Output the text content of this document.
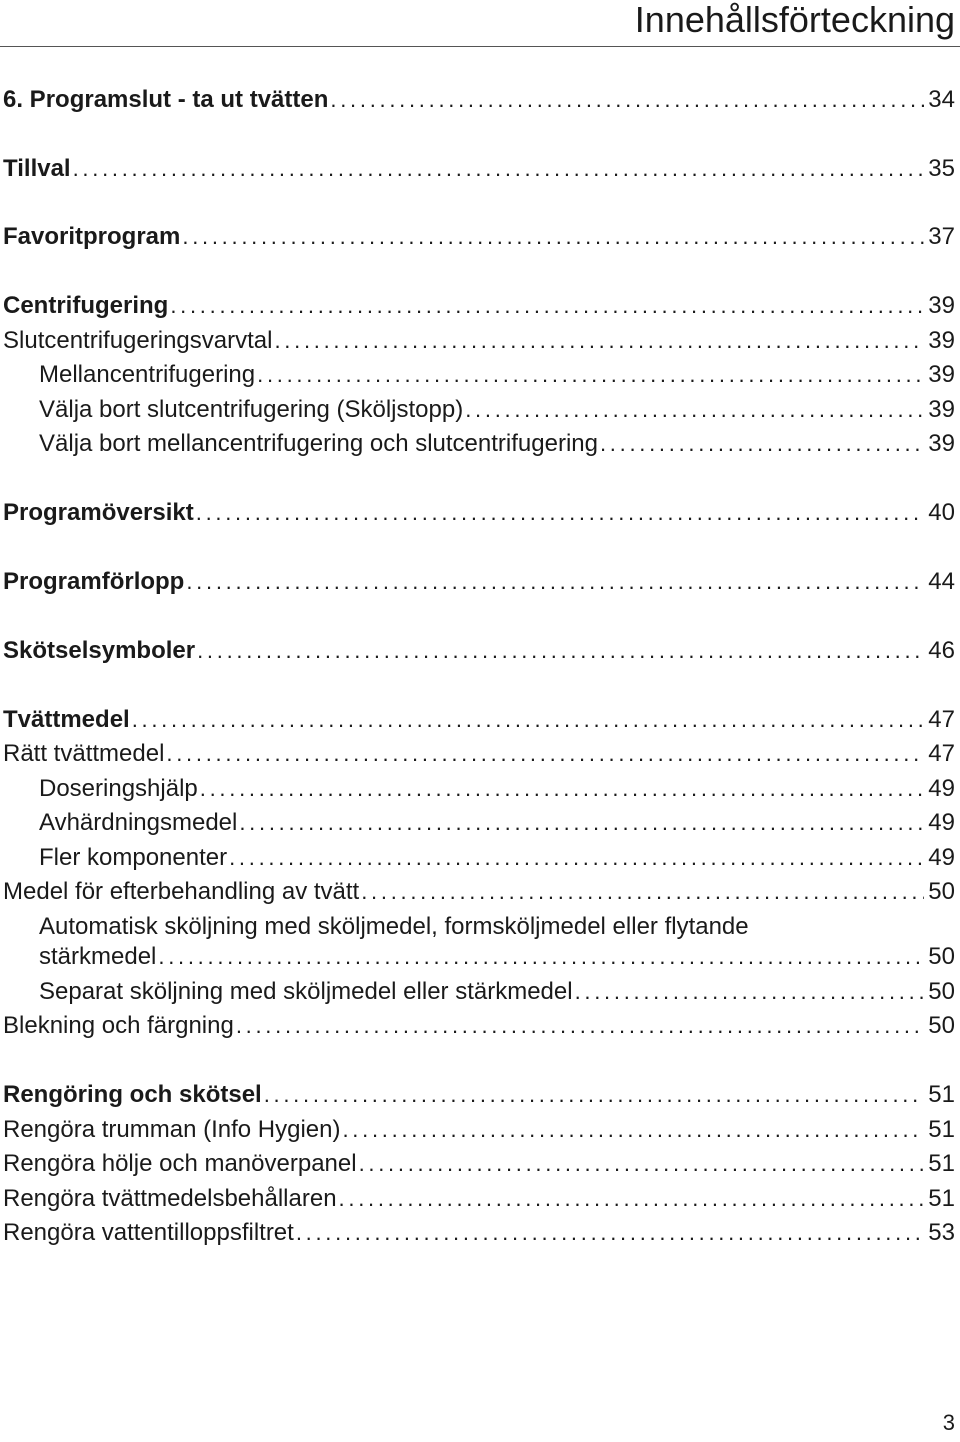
Innehållsförteckning
6. Programslut - ta ut tvätten . . .	34
Tillval . . .	35
Favoritprogram . . .	37
Centrifugering . . .	39
Slutcentrifugeringsvarvtal . . .	39
Mellancentrifugering . . .	39
Välja bort slutcentrifugering (Sköljstopp) . . .	39
Välja bort mellancentrifugering och slutcentrifugering . . .	39
Programöversikt . . .	40
Programförlopp . . .	44
Skötselsymboler . . .	46
Tvättmedel . . .	47
Rätt tvättmedel . . .	47
Doseringshjälp . . .	49
Avhärdningsmedel . . .	49
Fler komponenter . . .	49
Medel för efterbehandling av tvätt . . .	50
Automatisk sköljning med sköljmedel, formsköljmedel eller flytande
stärkmedel . . .	50
Separat sköljning med sköljmedel eller stärkmedel . . .	50
Blekning och färgning . . .	50
Rengöring och skötsel . . .	51
Rengöra trumman (Info Hygien) . . .	51
Rengöra hölje och manöverpanel . . .	51
Rengöra tvättmedelsbehållaren . . .	51
Rengöra vattentilloppsfiltret . . .	53
3
